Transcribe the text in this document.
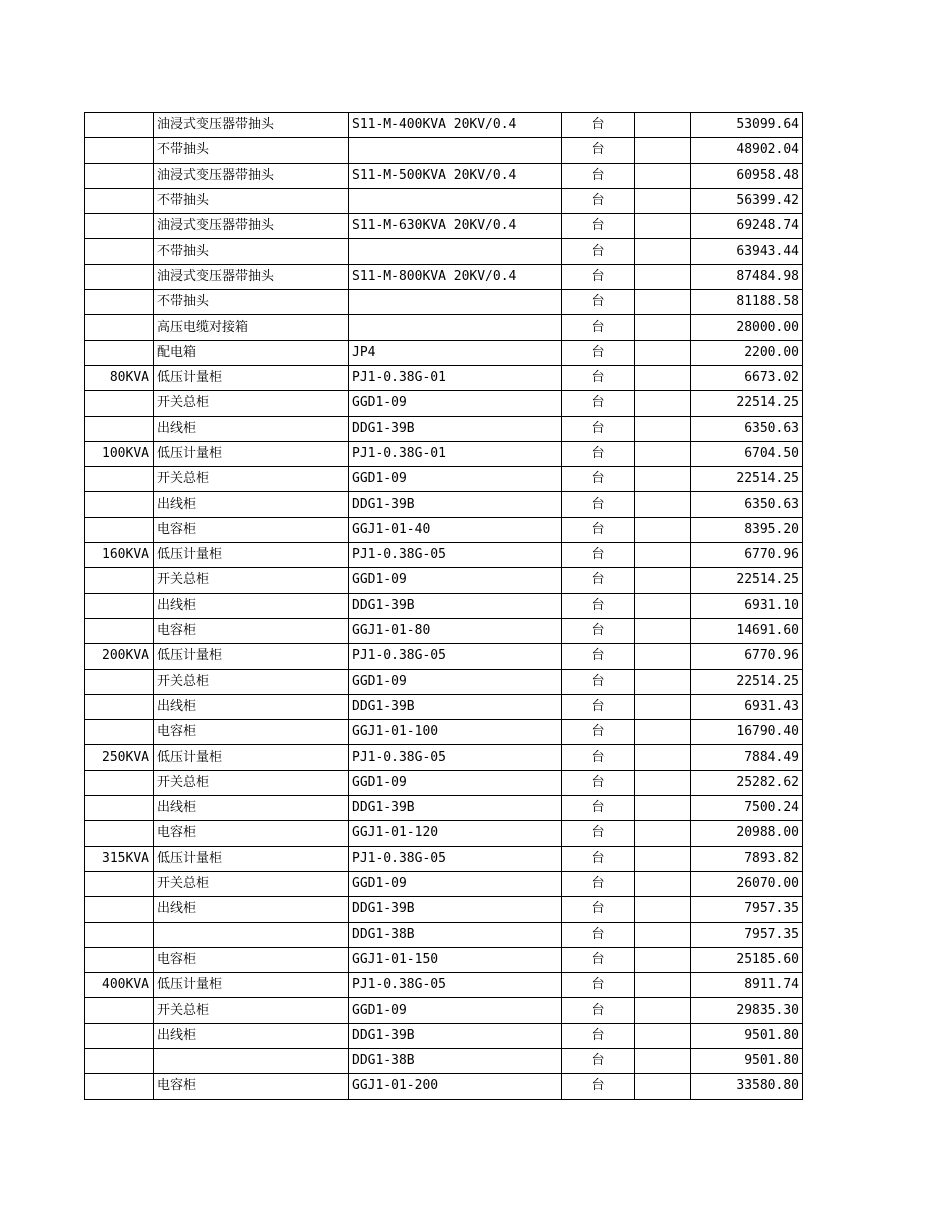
	油浸式变压器带抽头	S11-M-400KVA 20KV/0.4	台		53099.64
	不带抽头		台		48902.04
	油浸式变压器带抽头	S11-M-500KVA 20KV/0.4	台		60958.48
	不带抽头		台		56399.42
	油浸式变压器带抽头	S11-M-630KVA 20KV/0.4	台		69248.74
	不带抽头		台		63943.44
	油浸式变压器带抽头	S11-M-800KVA 20KV/0.4	台		87484.98
	不带抽头		台		81188.58
	高压电缆对接箱		台		28000.00
	配电箱	JP4	台		2200.00
80KVA	低压计量柜	PJ1-0.38G-01	台		6673.02
	开关总柜	GGD1-09	台		22514.25
	出线柜	DDG1-39B	台		6350.63
100KVA	低压计量柜	PJ1-0.38G-01	台		6704.50
	开关总柜	GGD1-09	台		22514.25
	出线柜	DDG1-39B	台		6350.63
	电容柜	GGJ1-01-40	台		8395.20
160KVA	低压计量柜	PJ1-0.38G-05	台		6770.96
	开关总柜	GGD1-09	台		22514.25
	出线柜	DDG1-39B	台		6931.10
	电容柜	GGJ1-01-80	台		14691.60
200KVA	低压计量柜	PJ1-0.38G-05	台		6770.96
	开关总柜	GGD1-09	台		22514.25
	出线柜	DDG1-39B	台		6931.43
	电容柜	GGJ1-01-100	台		16790.40
250KVA	低压计量柜	PJ1-0.38G-05	台		7884.49
	开关总柜	GGD1-09	台		25282.62
	出线柜	DDG1-39B	台		7500.24
	电容柜	GGJ1-01-120	台		20988.00
315KVA	低压计量柜	PJ1-0.38G-05	台		7893.82
	开关总柜	GGD1-09	台		26070.00
	出线柜	DDG1-39B	台		7957.35
		DDG1-38B	台		7957.35
	电容柜	GGJ1-01-150	台		25185.60
400KVA	低压计量柜	PJ1-0.38G-05	台		8911.74
	开关总柜	GGD1-09	台		29835.30
	出线柜	DDG1-39B	台		9501.80
		DDG1-38B	台		9501.80
	电容柜	GGJ1-01-200	台		33580.80
